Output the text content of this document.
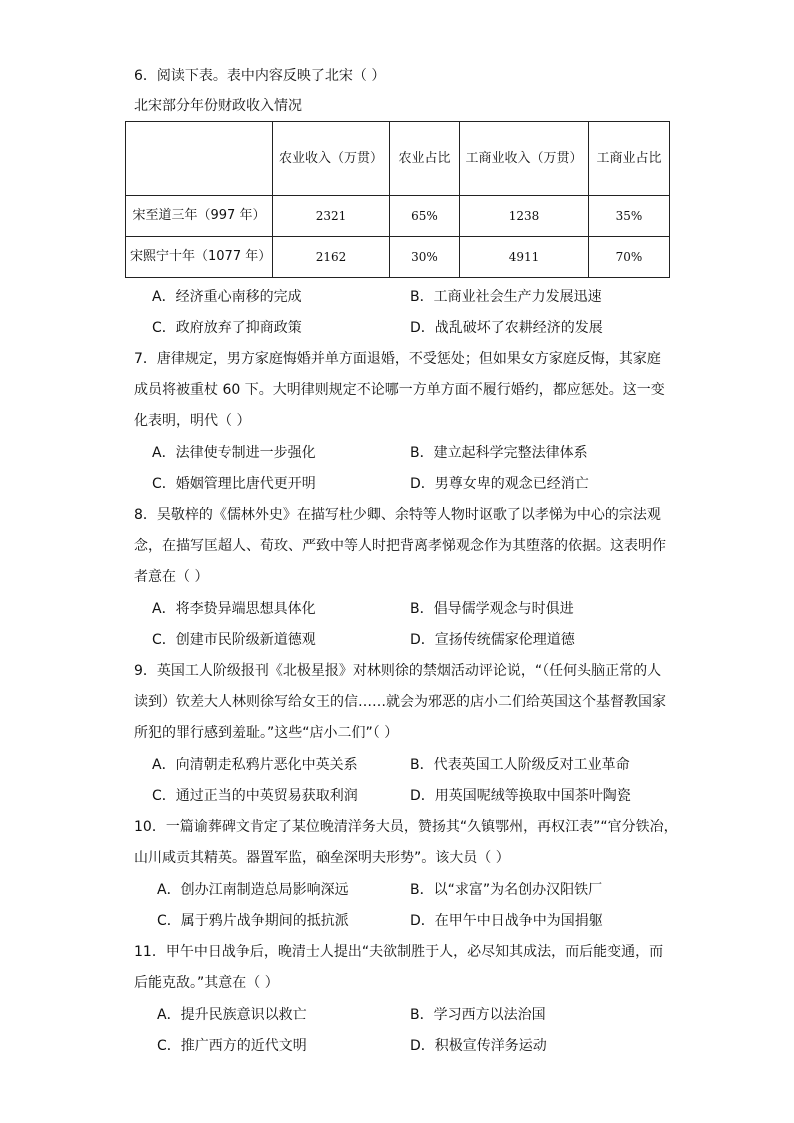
6．阅读下表。表中内容反映了北宋（ ）
北宋部分年份财政收入情况
	农业收入（万贯）	农业占比	工商业收入（万贯）	工商业占比
宋至道三年（997 年）	2321	65%	1238	35%
宋熙宁十年（1077 年）	2162	30%	4911	70%
A．经济重心南移的完成	B．工商业社会生产力发展迅速
C．政府放弃了抑商政策	D．战乱破坏了农耕经济的发展
7．唐律规定，男方家庭悔婚并单方面退婚，不受惩处；但如果女方家庭反悔，其家庭
成员将被重杖 60 下。大明律则规定不论哪一方单方面不履行婚约，都应惩处。这一变
化表明，明代（ ）
A．法律使专制进一步强化	B．建立起科学完整法律体系
C．婚姻管理比唐代更开明	D．男尊女卑的观念已经消亡
8．吴敬梓的《儒林外史》在描写杜少卿、余特等人物时讴歌了以孝悌为中心的宗法观
念，在描写匡超人、荀玫、严致中等人时把背离孝悌观念作为其堕落的依据。这表明作
者意在（ ）
A．将李贽异端思想具体化	B．倡导儒学观念与时俱进
C．创建市民阶级新道德观	D．宣扬传统儒家伦理道德
9．英国工人阶级报刊《北极星报》对林则徐的禁烟活动评论说，“（任何头脑正常的人
读到）钦差大人林则徐写给女王的信……就会为邪恶的店小二们给英国这个基督教国家
所犯的罪行感到羞耻。”这些“店小二们”（ ）
A．向清朝走私鸦片恶化中英关系	B．代表英国工人阶级反对工业革命
C．通过正当的中英贸易获取利润	D．用英国呢绒等换取中国茶叶陶瓷
10．一篇谕葬碑文肯定了某位晚清洋务大员，赞扬其“久镇鄂州，再权江表”“官分铁冶，
山川咸贡其精英。器置军监，硇垒深明夫形势”。该大员（ ）
A．创办江南制造总局影响深远	B．以“求富”为名创办汉阳铁厂
C．属于鸦片战争期间的抵抗派	D．在甲午中日战争中为国捐躯
11．甲午中日战争后，晚清士人提出“夫欲制胜于人，必尽知其成法，而后能变通，而
后能克敌。”其意在（ ）
A．提升民族意识以救亡	B．学习西方以法治国
C．推广西方的近代文明	D．积极宣传洋务运动
